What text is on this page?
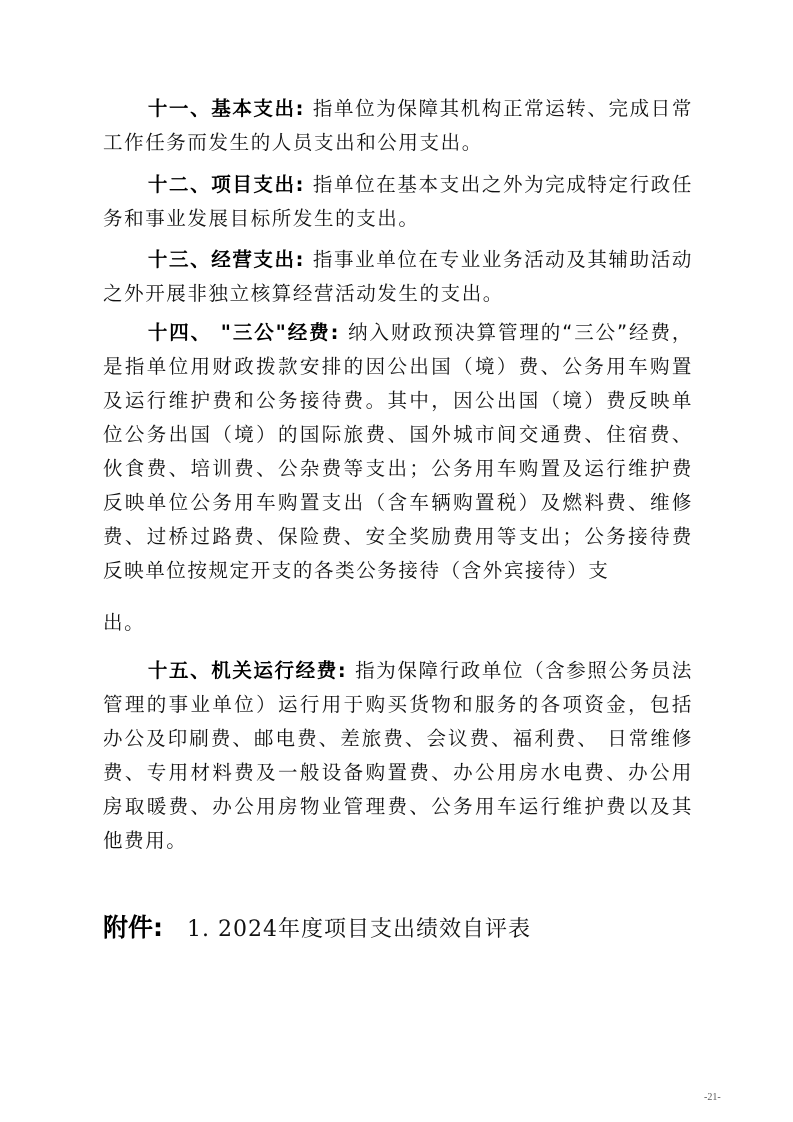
十一、基本支出: 指单位为保障其机构正常运转、完成日常工作任务而发生的人员支出和公用支出。

十二、项目支出: 指单位在基本支出之外为完成特定行政任务和事业发展目标所发生的支出。

十三、经营支出: 指事业单位在专业业务活动及其辅助活动之外开展非独立核算经营活动发生的支出。

十四、 "三公"经费: 纳入财政预决算管理的“三公”经费，是指单位用财政拨款安排的因公出国（境）费、公务用车购置及运行维护费和公务接待费。其中，因公出国（境）费反映单位公务出国（境）的国际旅费、国外城市间交通费、住宿费、伙食费、培训费、公杂费等支出；公务用车购置及运行维护费反映单位公务用车购置支出（含车辆购置税）及燃料费、维修费、过桥过路费、保险费、安全奖励费用等支出；公务接待费反映单位按规定开支的各类公务接待（含外宾接待）支

出。

十五、机关运行经费: 指为保障行政单位（含参照公务员法管理的事业单位）运行用于购买货物和服务的各项资金，包括办公及印刷费、邮电费、差旅费、会议费、福利费、 日常维修费、专用材料费及一般设备购置费、办公用房水电费、办公用房取暖费、办公用房物业管理费、公务用车运行维护费以及其他费用。

附件: 1. 2024年度项目支出绩效自评表
-21-
